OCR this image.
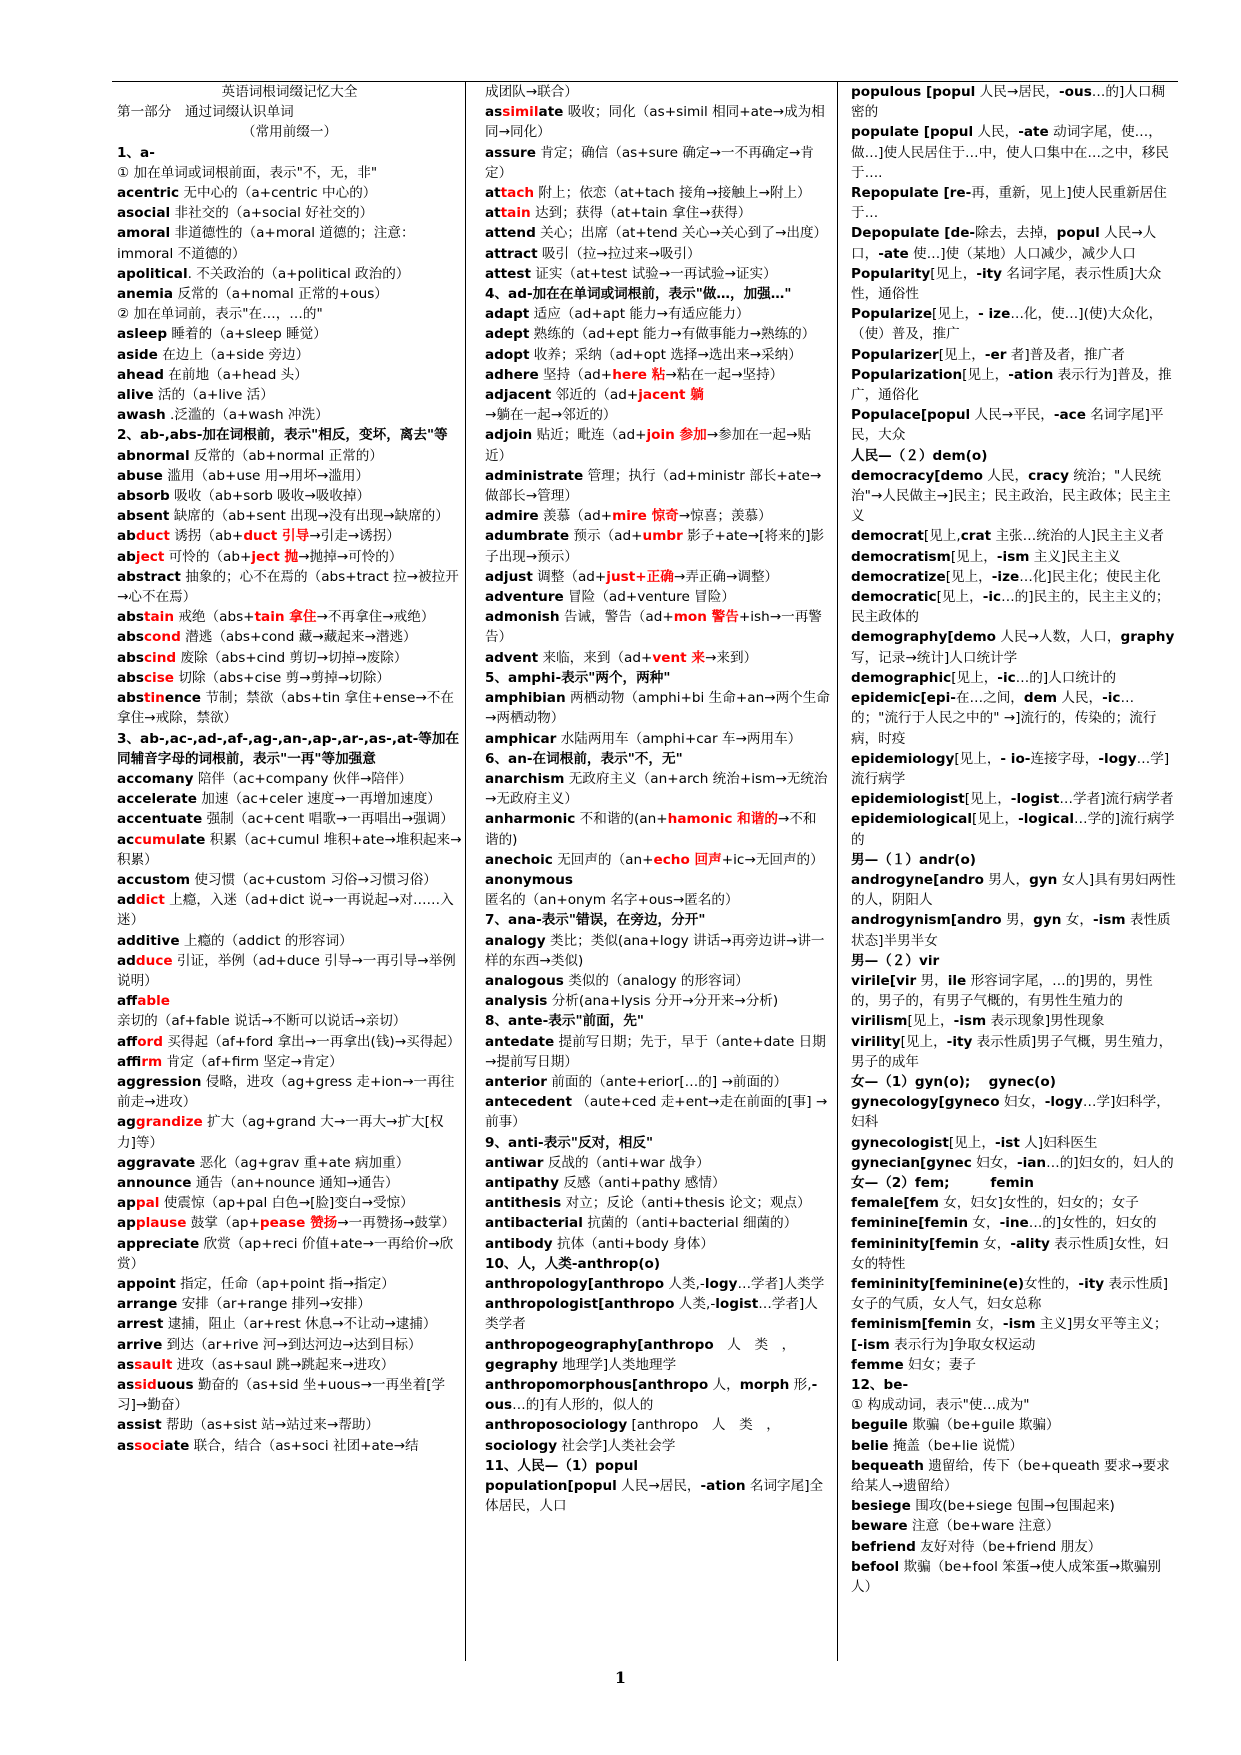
英语词根词缀记忆大全
第一部分　通过词缀认识单词
（常用前缀一）
1、a-
① 加在单词或词根前面，表示"不，无，非"
acentric 无中心的（a+centric 中心的）
asocial 非社交的（a+social 好社交的）
amoral 非道德性的（a+moral 道德的；注意：immoral 不道德的）
apolitical. 不关政治的（a+political 政治的）
anemia 反常的（a+nomal 正常的+ous）
② 加在单词前，表示"在…，…的"
asleep 睡着的（a+sleep 睡觉）
aside 在边上（a+side 旁边）
ahead 在前地（a+head 头）
alive 活的（a+live 活）
awash .泛滥的（a+wash 冲洗）
2、ab-,abs-加在词根前，表示"相反，变坏，离去"等
abnormal 反常的（ab+normal 正常的）
abuse 滥用（ab+use 用→用坏→滥用）
absorb 吸收（ab+sorb 吸收→吸收掉）
absent 缺席的（ab+sent 出现→没有出现→缺席的）
abduct 诱拐（ab+duct 引导→引走→诱拐）
abject 可怜的（ab+ject 抛→抛掉→可怜的）
abstract 抽象的；心不在焉的（abs+tract 拉→被拉开→心不在焉）
abstain 戒绝（abs+tain 拿住→不再拿住→戒绝）
abscond 潜逃（abs+cond 藏→藏起来→潜逃）
abscind 废除（abs+cind 剪切→切掉→废除）
abscise 切除（abs+cise 剪→剪掉→切除）
abstinence 节制；禁欲（abs+tin 拿住+ense→不在拿住→戒除，禁欲）
3、ab-,ac-,ad-,af-,ag-,an-,ap-,ar-,as-,at-等加在同辅音字母的词根前，表示"一再"等加强意
accomany 陪伴（ac+company 伙伴→陪伴）
accelerate 加速（ac+celer 速度→一再增加速度）
accentuate 强制（ac+cent 唱歌→一再唱出→强调）
accumulate 积累（ac+cumul 堆积+ate→堆积起来→积累）
accustom 使习惯（ac+custom 习俗→习惯习俗）
addict 上瘾，入迷（ad+dict 说→一再说起→对……入迷）
additive 上瘾的（addict 的形容词）
adduce 引证，举例（ad+duce 引导→一再引导→举例说明）
affable 亲切的（af+fable 说话→不断可以说话→亲切）
afford 买得起（af+ford 拿出→一再拿出(钱)→买得起）
affirm 肯定（af+firm 坚定→肯定）
aggression 侵略，进攻（ag+gress 走+ion→一再往前走→进攻）
aggrandize 扩大（ag+grand 大→一再大→扩大[权力]等）
aggravate 恶化（ag+grav 重+ate 病加重）
announce 通告（an+nounce 通知→通告）
appal 使震惊（ap+pal 白色→[脸]变白→受惊）
applause 鼓掌（ap+pease 赞扬→一再赞扬→鼓掌）
appreciate 欣赏（ap+reci 价值+ate→一再给价→欣赏）
appoint 指定，任命（ap+point 指→指定）
arrange 安排（ar+range 排列→安排）
arrest 逮捕，阻止（ar+rest 休息→不让动→逮捕）
arrive 到达（ar+rive 河→到达河边→达到目标）
assault 进攻（as+saul 跳→跳起来→进攻）
assiduous 勤奋的（as+sid 坐+uous→一再坐着[学习]→勤奋）
assist 帮助（as+sist 站→站过来→帮助）
associate 联合，结合（as+soci 社团+ate→结
成团队→联合）
assimilate 吸收；同化（as+simil 相同+ate→成为相同→同化）
assure 肯定；确信（as+sure 确定→一不再确定→肯定）
attach 附上；依恋（at+tach 接角→接触上→附上）
attain 达到；获得（at+tain 拿住→获得）
attend 关心；出席（at+tend 关心→关心到了→出度）
attract 吸引（拉→拉过来→吸引）
attest 证实（at+test 试验→一再试验→证实）
4、ad-加在在单词或词根前，表示"做…，加强…"
adapt 适应（ad+apt 能力→有适应能力）
adept 熟练的（ad+ept 能力→有做事能力→熟练的）
adopt 收养；采纳（ad+opt 选择→选出来→采纳）
adhere 坚持（ad+here 粘→粘在一起→坚持）
adjacent 邻近的（ad+jacent 躺→躺在一起→邻近的）
adjoin 贴近；毗连（ad+join 参加→参加在一起→贴近）
administrate 管理；执行（ad+ministr 部长+ate→做部长→管理）
admire 羡慕（ad+mire 惊奇→惊喜；羡慕）
adumbrate 预示（ad+umbr 影子+ate→[将来的]影子出现→预示）
adjust 调整（ad+just+正确→弄正确→调整）
adventure 冒险（ad+venture 冒险）
admonish 告诫，警告（ad+mon 警告+ish→一再警告）
advent 来临，来到（ad+vent 来→来到）
5、amphi-表示"两个，两种"
amphibian 两栖动物（amphi+bi 生命+an→两个生命→两栖动物）
amphicar 水陆两用车（amphi+car 车→两用车）
6、an-在词根前，表示"不，无"
anarchism 无政府主义（an+arch 统治+ism→无统治→无政府主义）
anharmonic 不和谐的(an+hamonic 和谐的→不和谐的)
anechoic 无回声的（an+echo 回声+ic→无回声的）
anonymous 匿名的（an+onym 名字+ous→匿名的）
7、ana-表示"错误，在旁边，分开"
analogy 类比；类似(ana+logy 讲话→再旁边讲→讲一样的东西→类似)
analogous 类似的（analogy 的形容词）
analysis 分析(ana+lysis 分开→分开来→分析)
8、ante-表示"前面，先"
antedate 提前写日期；先于，早于（ante+date 日期→提前写日期）
anterior 前面的（ante+erior[…的] →前面的）
antecedent （aute+ced 走+ent→走在前面的[事] →前事）
9、anti-表示"反对，相反"
antiwar 反战的（anti+war 战争）
antipathy 反感（anti+pathy 感情）
antithesis 对立；反论（anti+thesis 论文；观点）
antibacterial 抗菌的（anti+bacterial 细菌的）
antibody 抗体（anti+body 身体）
10、人，人类-anthrop(o)
anthropology[anthropo 人类,-logy…学者]人类学
anthropologist[anthropo 人类,-logist…学者]人类学者
anthropogeography[anthropo　人　类　，gegraphy 地理学]人类地理学
anthropomorphous[anthropo 人，morph 形,-ous…的]有人形的，似人的
anthroposociology [anthropo　人　类　，sociology 社会学]人类社会学
11、人民—（1）popul
population[popul 人民→居民，-ation 名词字尾]全体居民，人口
populous [popul 人民→居民，-ous…的]人口稠密的
populate [popul 人民，-ate 动词字尾，使…，做…]使人民居住于…中，使人口集中在…之中，移民于….
Repopulate [re-再，重新，见上]使人民重新居住于…
Depopulate [de-除去，去掉，popul 人民→人口，-ate 使…]使（某地）人口减少，减少人口
Popularity[见上，-ity 名词字尾，表示性质]大众性，通俗性
Popularize[见上，- ize…化，使…](使)大众化，（使）普及，推广
Popularizer[见上，-er 者]普及者，推广者
Popularization[见上，-ation 表示行为]普及，推广，通俗化
Populace[popul 人民→平民，-ace 名词字尾]平民，大众
人民—（２）dem(o)
democracy[demo 人民，cracy 统治；"人民统治"→人民做主→]民主；民主政治，民主政体；民主主义
democrat[见上,crat 主张…统治的人]民主主义者
democratism[见上，-ism 主义]民主主义
democratize[见上，-ize…化]民主化；使民主化
democratic[见上，-ic…的]民主的，民主主义的；民主政体的
demography[demo 人民→人数，人口，graphy 写，记录→统计]人口统计学
demographic[见上，-ic…的]人口统计的
epidemic[epi-在…之间，dem 人民，-ic…的；"流行于人民之中的" →]流行的，传染的；流行病，时疫
epidemiology[见上，- io-连接字母，-logy…学]流行病学
epidemiologist[见上，-logist…学者]流行病学者
epidemiological[见上，-logical…学的]流行病学的
男—（１）andr(o)
androgyne[andro 男人，gyn 女人]具有男妇两性的人，阴阳人
androgynism[andro 男，gyn 女，-ism 表性质状态]半男半女
男—（２）vir
virile[vir 男，ile 形容词字尾，…的]男的，男性的，男子的，有男子气概的，有男性生殖力的
virilism[见上，-ism 表示现象]男性现象
virility[见上，-ity 表示性质]男子气概，男生殖力，男子的成年
女—（1）gyn(o);　 gynec(o)
gynecology[gyneco 妇女，-logy…学]妇科学，妇科
gynecologist[见上，-ist 人]妇科医生
gynecian[gynec 妇女，-ian…的]妇女的，妇人的
女—（2）fem;　　　femin
female[fem 女，妇女]女性的，妇女的；女子
feminine[femin 女，-ine…的]女性的，妇女的
femininity[femin 女，-ality 表示性质]女性，妇女的特性
femininity[feminine(e)女性的，-ity 表示性质]女子的气质，女人气，妇女总称
feminism[femin 女，-ism 主义]男女平等主义；[-ism 表示行为]争取女权运动
femme 妇女；妻子
12、be-
① 构成动词，表示"使…成为"
beguile 欺骗（be+guile 欺骗）
belie 掩盖（be+lie 说慌）
bequeath 遗留给，传下（be+queath 要求→要求给某人→遗留给）
besiege 围攻(be+siege 包围→包围起来)
beware 注意（be+ware 注意）
befriend 友好对待（be+friend 朋友）
befool 欺骗（be+fool 笨蛋→使人成笨蛋→欺骗别人）
1
